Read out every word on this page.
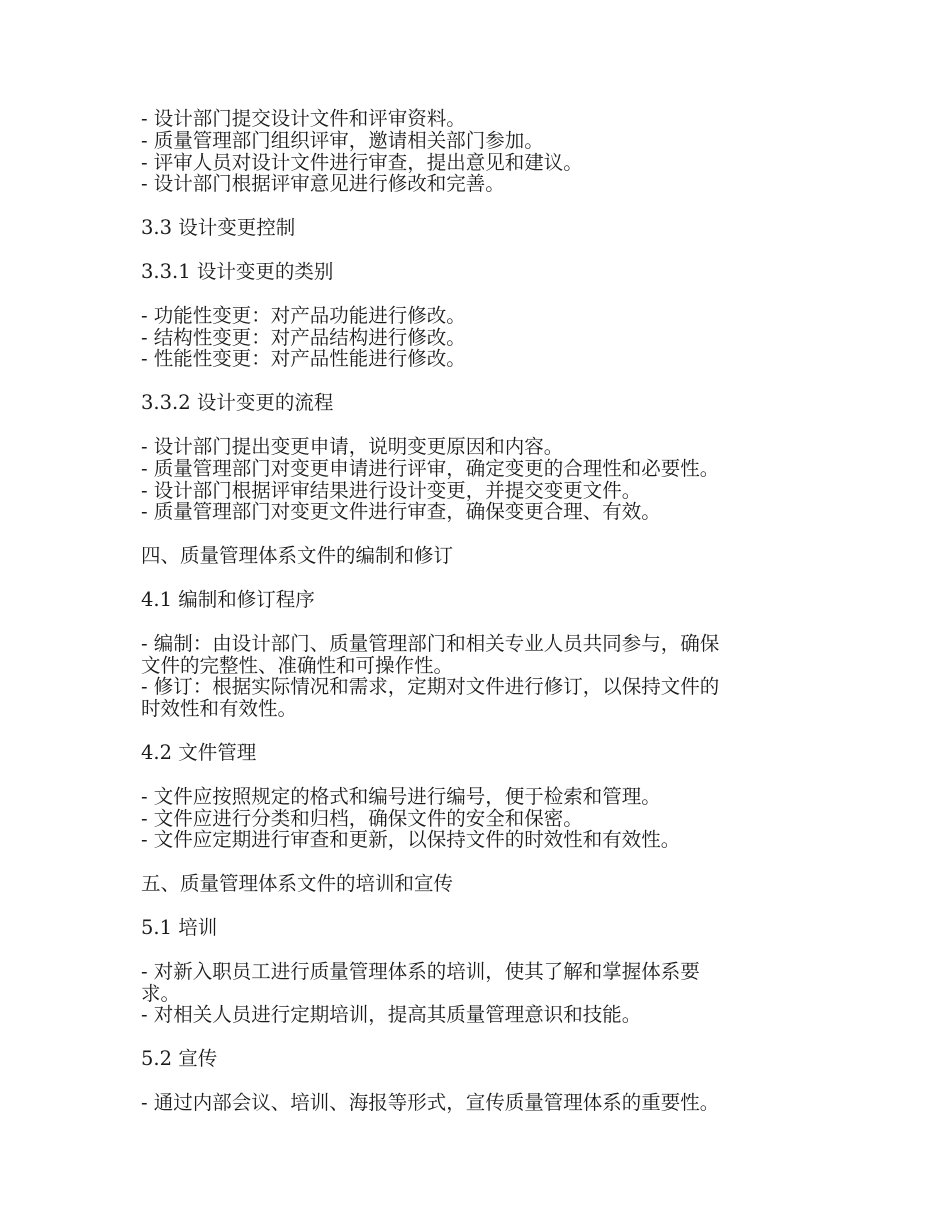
- 设计部门提交设计文件和评审资料。
- 质量管理部门组织评审，邀请相关部门参加。
- 评审人员对设计文件进行审查，提出意见和建议。
- 设计部门根据评审意见进行修改和完善。
3.3 设计变更控制
3.3.1 设计变更的类别
- 功能性变更：对产品功能进行修改。
- 结构性变更：对产品结构进行修改。
- 性能性变更：对产品性能进行修改。
3.3.2 设计变更的流程
- 设计部门提出变更申请，说明变更原因和内容。
- 质量管理部门对变更申请进行评审，确定变更的合理性和必要性。
- 设计部门根据评审结果进行设计变更，并提交变更文件。
- 质量管理部门对变更文件进行审查，确保变更合理、有效。
四、质量管理体系文件的编制和修订
4.1 编制和修订程序
- 编制：由设计部门、质量管理部门和相关专业人员共同参与，确保
文件的完整性、准确性和可操作性。
- 修订：根据实际情况和需求，定期对文件进行修订，以保持文件的
时效性和有效性。
4.2 文件管理
- 文件应按照规定的格式和编号进行编号，便于检索和管理。
- 文件应进行分类和归档，确保文件的安全和保密。
- 文件应定期进行审查和更新，以保持文件的时效性和有效性。
五、质量管理体系文件的培训和宣传
5.1 培训
- 对新入职员工进行质量管理体系的培训，使其了解和掌握体系要
求。
- 对相关人员进行定期培训，提高其质量管理意识和技能。
5.2 宣传
- 通过内部会议、培训、海报等形式，宣传质量管理体系的重要性。
